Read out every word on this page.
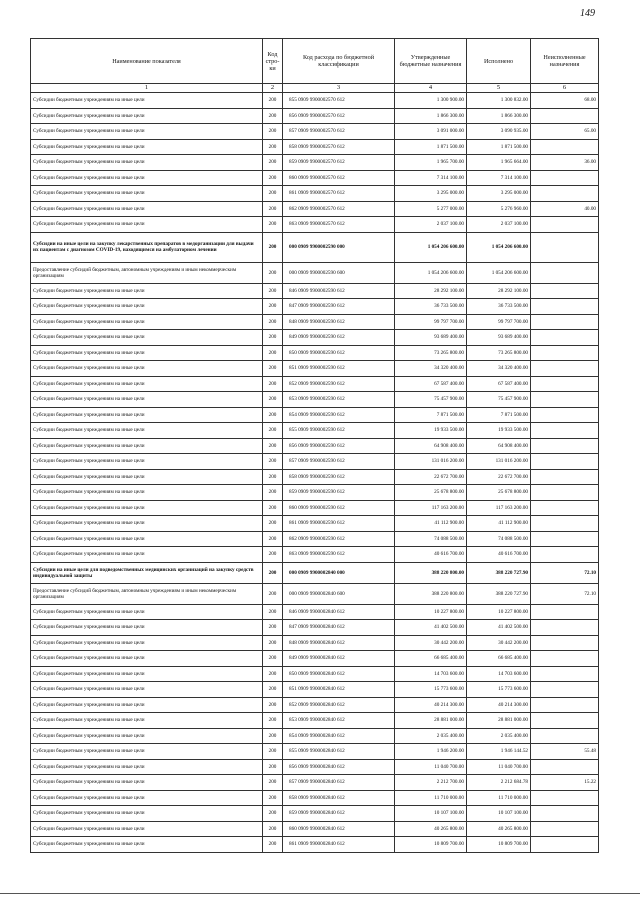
149
Наименование показателя	Код стро-ки	Код расхода по бюджетной классификации	Утвержденные бюджетные назначения	Исполнено	Неисполненные назначения
1	2	3	4	5	6
Субсидии бюджетным учреждениям на иные цели	200	855 0909 9900002570 612	1 300 900.00	1 300 832.00	68.00
Субсидии бюджетным учреждениям на иные цели	200	856 0909 9900002570 612	1 866 300.00	1 866 300.00	
Субсидии бюджетным учреждениям на иные цели	200	857 0909 9900002570 612	3 091 000.00	3 090 935.00	65.00
Субсидии бюджетным учреждениям на иные цели	200	858 0909 9900002570 612	1 871 500.00	1 871 500.00	
Субсидии бюджетным учреждениям на иные цели	200	859 0909 9900002570 612	1 965 700.00	1 965 664.00	36.00
Субсидии бюджетным учреждениям на иные цели	200	860 0909 9900002570 612	7 314 100.00	7 314 100.00	
Субсидии бюджетным учреждениям на иные цели	200	861 0909 9900002570 612	3 295 000.00	3 295 000.00	
Субсидии бюджетным учреждениям на иные цели	200	862 0909 9900002570 612	5 277 000.00	5 276 960.00	40.00
Субсидии бюджетным учреждениям на иные цели	200	863 0909 9900002570 612	2 037 100.00	2 037 100.00	
Субсидии на иные цели на закупку лекарственных препаратов в медорганизации для выдачи их пациентам с диагнозом COVID-19, находящимся на амбулаторном лечении	200	000 0909 9900002590 000	1 054 206 600.00	1 054 206 600.00	
Предоставление субсидий бюджетным, автономным учреждениям и иным некоммерческим организациям	200	000 0909 9900002590 600	1 054 206 600.00	1 054 206 600.00	
Субсидии бюджетным учреждениям на иные цели	200	846 0909 9900002590 612	28 292 100.00	28 292 100.00	
Субсидии бюджетным учреждениям на иные цели	200	847 0909 9900002590 612	36 733 500.00	36 733 500.00	
Субсидии бюджетным учреждениям на иные цели	200	848 0909 9900002590 612	99 797 700.00	99 797 700.00	
Субсидии бюджетным учреждениям на иные цели	200	849 0909 9900002590 612	93 689 400.00	93 689 400.00	
Субсидии бюджетным учреждениям на иные цели	200	850 0909 9900002590 612	73 265 800.00	73 265 800.00	
Субсидии бюджетным учреждениям на иные цели	200	851 0909 9900002590 612	34 320 400.00	34 320 400.00	
Субсидии бюджетным учреждениям на иные цели	200	852 0909 9900002590 612	67 587 400.00	67 587 400.00	
Субсидии бюджетным учреждениям на иные цели	200	853 0909 9900002590 612	75 457 900.00	75 457 900.00	
Субсидии бюджетным учреждениям на иные цели	200	854 0909 9900002590 612	7 871 500.00	7 871 500.00	
Субсидии бюджетным учреждениям на иные цели	200	855 0909 9900002590 612	19 933 500.00	19 933 500.00	
Субсидии бюджетным учреждениям на иные цели	200	856 0909 9900002590 612	64 908 400.00	64 908 400.00	
Субсидии бюджетным учреждениям на иные цели	200	857 0909 9900002590 612	131 016 200.00	131 016 200.00	
Субсидии бюджетным учреждениям на иные цели	200	858 0909 9900002590 612	22 672 700.00	22 672 700.00	
Субсидии бюджетным учреждениям на иные цели	200	859 0909 9900002590 612	25 678 800.00	25 678 800.00	
Субсидии бюджетным учреждениям на иные цели	200	860 0909 9900002590 612	117 163 200.00	117 163 200.00	
Субсидии бюджетным учреждениям на иные цели	200	861 0909 9900002590 612	41 112 900.00	41 112 900.00	
Субсидии бюджетным учреждениям на иные цели	200	862 0909 9900002590 612	74 088 500.00	74 088 500.00	
Субсидии бюджетным учреждениям на иные цели	200	863 0909 9900002590 612	40 616 700.00	40 616 700.00	
Субсидии на иные цели для подведомственных медицинских организаций на закупку средств индивидуальной защиты	200	000 0909 9900002840 000	388 220 800.00	388 220 727.90	72.10
Предоставление субсидий бюджетным, автономным учреждениям и иным некоммерческим организациям	200	000 0909 9900002840 600	388 220 800.00	388 220 727.90	72.10
Субсидии бюджетным учреждениям на иные цели	200	846 0909 9900002840 612	10 227 800.00	10 227 800.00	
Субсидии бюджетным учреждениям на иные цели	200	847 0909 9900002840 612	41 402 500.00	41 402 500.00	
Субсидии бюджетным учреждениям на иные цели	200	848 0909 9900002840 612	30 442 200.00	30 442 200.00	
Субсидии бюджетным учреждениям на иные цели	200	849 0909 9900002840 612	66 685 400.00	66 685 400.00	
Субсидии бюджетным учреждениям на иные цели	200	850 0909 9900002840 612	14 703 600.00	14 703 600.00	
Субсидии бюджетным учреждениям на иные цели	200	851 0909 9900002840 612	15 773 600.00	15 773 600.00	
Субсидии бюджетным учреждениям на иные цели	200	852 0909 9900002840 612	40 214 300.00	40 214 300.00	
Субсидии бюджетным учреждениям на иные цели	200	853 0909 9900002840 612	28 881 000.00	28 881 000.00	
Субсидии бюджетным учреждениям на иные цели	200	854 0909 9900002840 612	2 035 400.00	2 035 400.00	
Субсидии бюджетным учреждениям на иные цели	200	855 0909 9900002840 612	1 946 200.00	1 946 144.52	55.48
Субсидии бюджетным учреждениям на иные цели	200	856 0909 9900002840 612	11 040 700.00	11 040 700.00	
Субсидии бюджетным учреждениям на иные цели	200	857 0909 9900002840 612	2 212 700.00	2 212 684.78	15.22
Субсидии бюджетным учреждениям на иные цели	200	858 0909 9900002840 612	11 710 000.00	11 710 000.00	
Субсидии бюджетным учреждениям на иные цели	200	859 0909 9900002840 612	10 107 100.00	10 107 100.00	
Субсидии бюджетным учреждениям на иные цели	200	860 0909 9900002840 612	40 265 800.00	40 265 800.00	
Субсидии бюджетным учреждениям на иные цели	200	861 0909 9900002840 612	10 809 700.00	10 809 700.00	
